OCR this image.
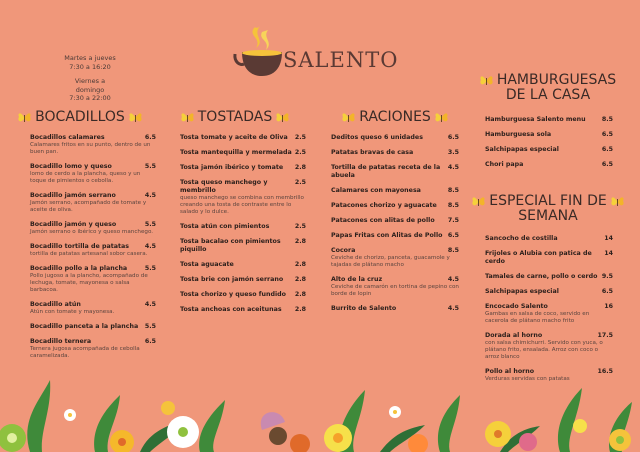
Martes a jueves
7:30 a 16:20
Viernes a domingo
7:30 a 22:00
SALENTO
BOCADILLOS
Bocadillos calamares	6.5
Calamares fritos en su punto, dentro de un buen pan.
Bocadillo lomo y queso	5.5
lomo de cerdo a la plancha, queso y un toque de pimientos o cebolla.
Bocadillo jamón serrano	4.5
Jamón serrano, acompañado de tomate y aceite de oliva.
Bocadillo jamón y queso	5.5
Jamón serrano o ibérico y queso manchego.
Bocadillo tortilla de patatas	4.5
tortilla de patatas artesanal sobor casera.
Bocadillo pollo a la plancha	5.5
Pollo jugoso a la plancho, acompañado de lechuga, tomate, mayonesa o salsa barbacoa.
Bocadillo atún	4.5
Atún con tomate y mayonesa.
Bocadillo panceta a la plancha 5.5
Bocadillo ternera	6.5
Ternera jugosa acompañada de cebolla caramelizada.
TOSTADAS
Tosta tomate y aceite de Oliva 2.5
Tosta mantequilla y mermelada 2.5
Tosta jamón ibérico y tomate 2.8
Tosta queso manchego y membrillo
2.5
queso manchego se combina con membrillo creando una tosta de contraste entre lo salado y lo dulce.
Tosta atún con pimientos	2.5
Tosta bacalao con pimientos piquillo
2.8
Tosta aguacate	2.8
Tosta brie con jamón serrano 2.8
Tosta chorizo y queso fundido 2.8
Tosta anchoas con aceitunas 2.8
RACIONES
Deditos queso 6 unidades	6.5
Patatas bravas de casa	3.5
Tortilla de patatas receta de la abuela
4.5
Calamares con mayonesa	8.5
Patacones chorizo y aguacate 8.5
Patacones con alitas de pollo 7.5
Papas Fritas con Alitas de Pollo 6.5
Cocora	8.5
Ceviche de chorizo, panceta, guacamole y tajadas de plátano macho
Alto de la cruz	4.5
Ceviche de camarón en tortina de pepino con borde de lopin
Burrito de Salento	4.5
HAMBURGUESAS
DE LA CASA
Hamburguesa Salento menu	8.5
Hamburguesa sola	6.5
Salchipapas especial	6.5
Chori papa	6.5
ESPECIAL FIN DE
SEMANA
Sancocho de costilla	14
Frijoles o Alubia con patica de cerdo
14
Tamales de carne, pollo o cerdo 9.5
Salchipapas especial	6.5
Encocado Salento	16
Gambas en salsa de coco, servido en cacerola de plátano macho frito
Dorada al horno	17.5
con salsa chimichurri. Servido con yuca, o plátano frito, ensalada. Arroz con coco o arroz blanco
Pollo al horno	16.5
Verduras servidas con patatas
